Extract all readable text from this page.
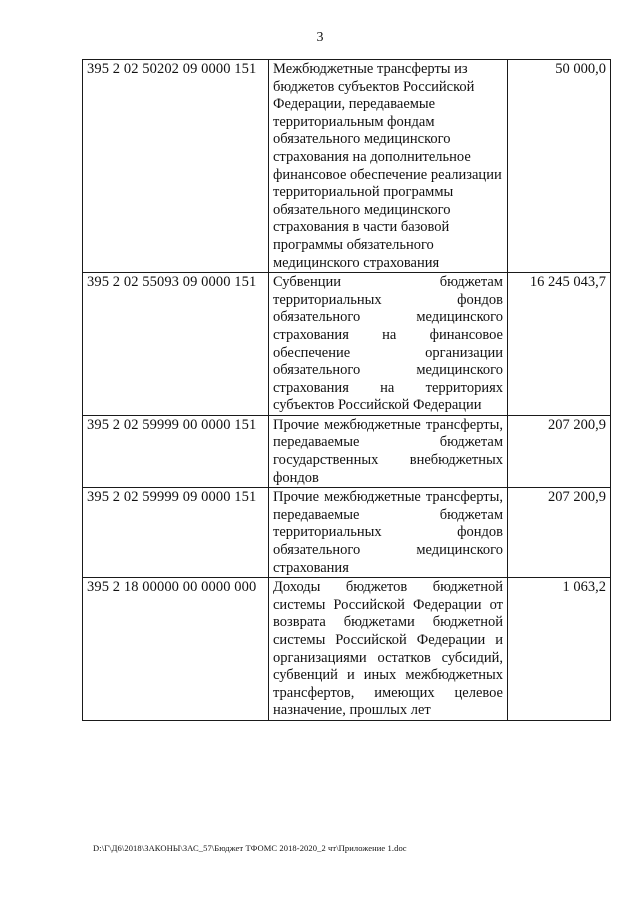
3
395 2 02 50202 09 0000 151	Межбюджетные трансферты из бюджетов субъектов Российской Федерации, передаваемые территориальным фондам обязательного медицинского страхования на дополнительное финансовое обеспечение реализации территориальной программы обязательного медицинского страхования в части базовой программы обязательного медицинского страхования	50 000,0
395 2 02 55093 09 0000 151	Субвенции бюджетам территориальных фондов обязательного медицинского страхования на финансовое обеспечение организации обязательного медицинского страхования на территориях субъектов Российской Федерации	16 245 043,7
395 2 02 59999 00 0000 151	Прочие межбюджетные трансферты, передаваемые бюджетам государственных внебюджетных фондов	207 200,9
395 2 02 59999 09 0000 151	Прочие межбюджетные трансферты, передаваемые бюджетам территориальных фондов обязательного медицинского страхования	207 200,9
395 2 18 00000 00 0000 000	Доходы бюджетов бюджетной системы Российской Федерации от возврата бюджетами бюджетной системы Российской Федерации и организациями остатков субсидий, субвенций и иных межбюджетных трансфертов, имеющих целевое назначение, прошлых лет	1 063,2
D:\Г\Д6\2018\ЗАКОНЫ\ЗАС_57\Бюджет ТФОМС 2018-2020_2 чт\Приложение 1.doc
